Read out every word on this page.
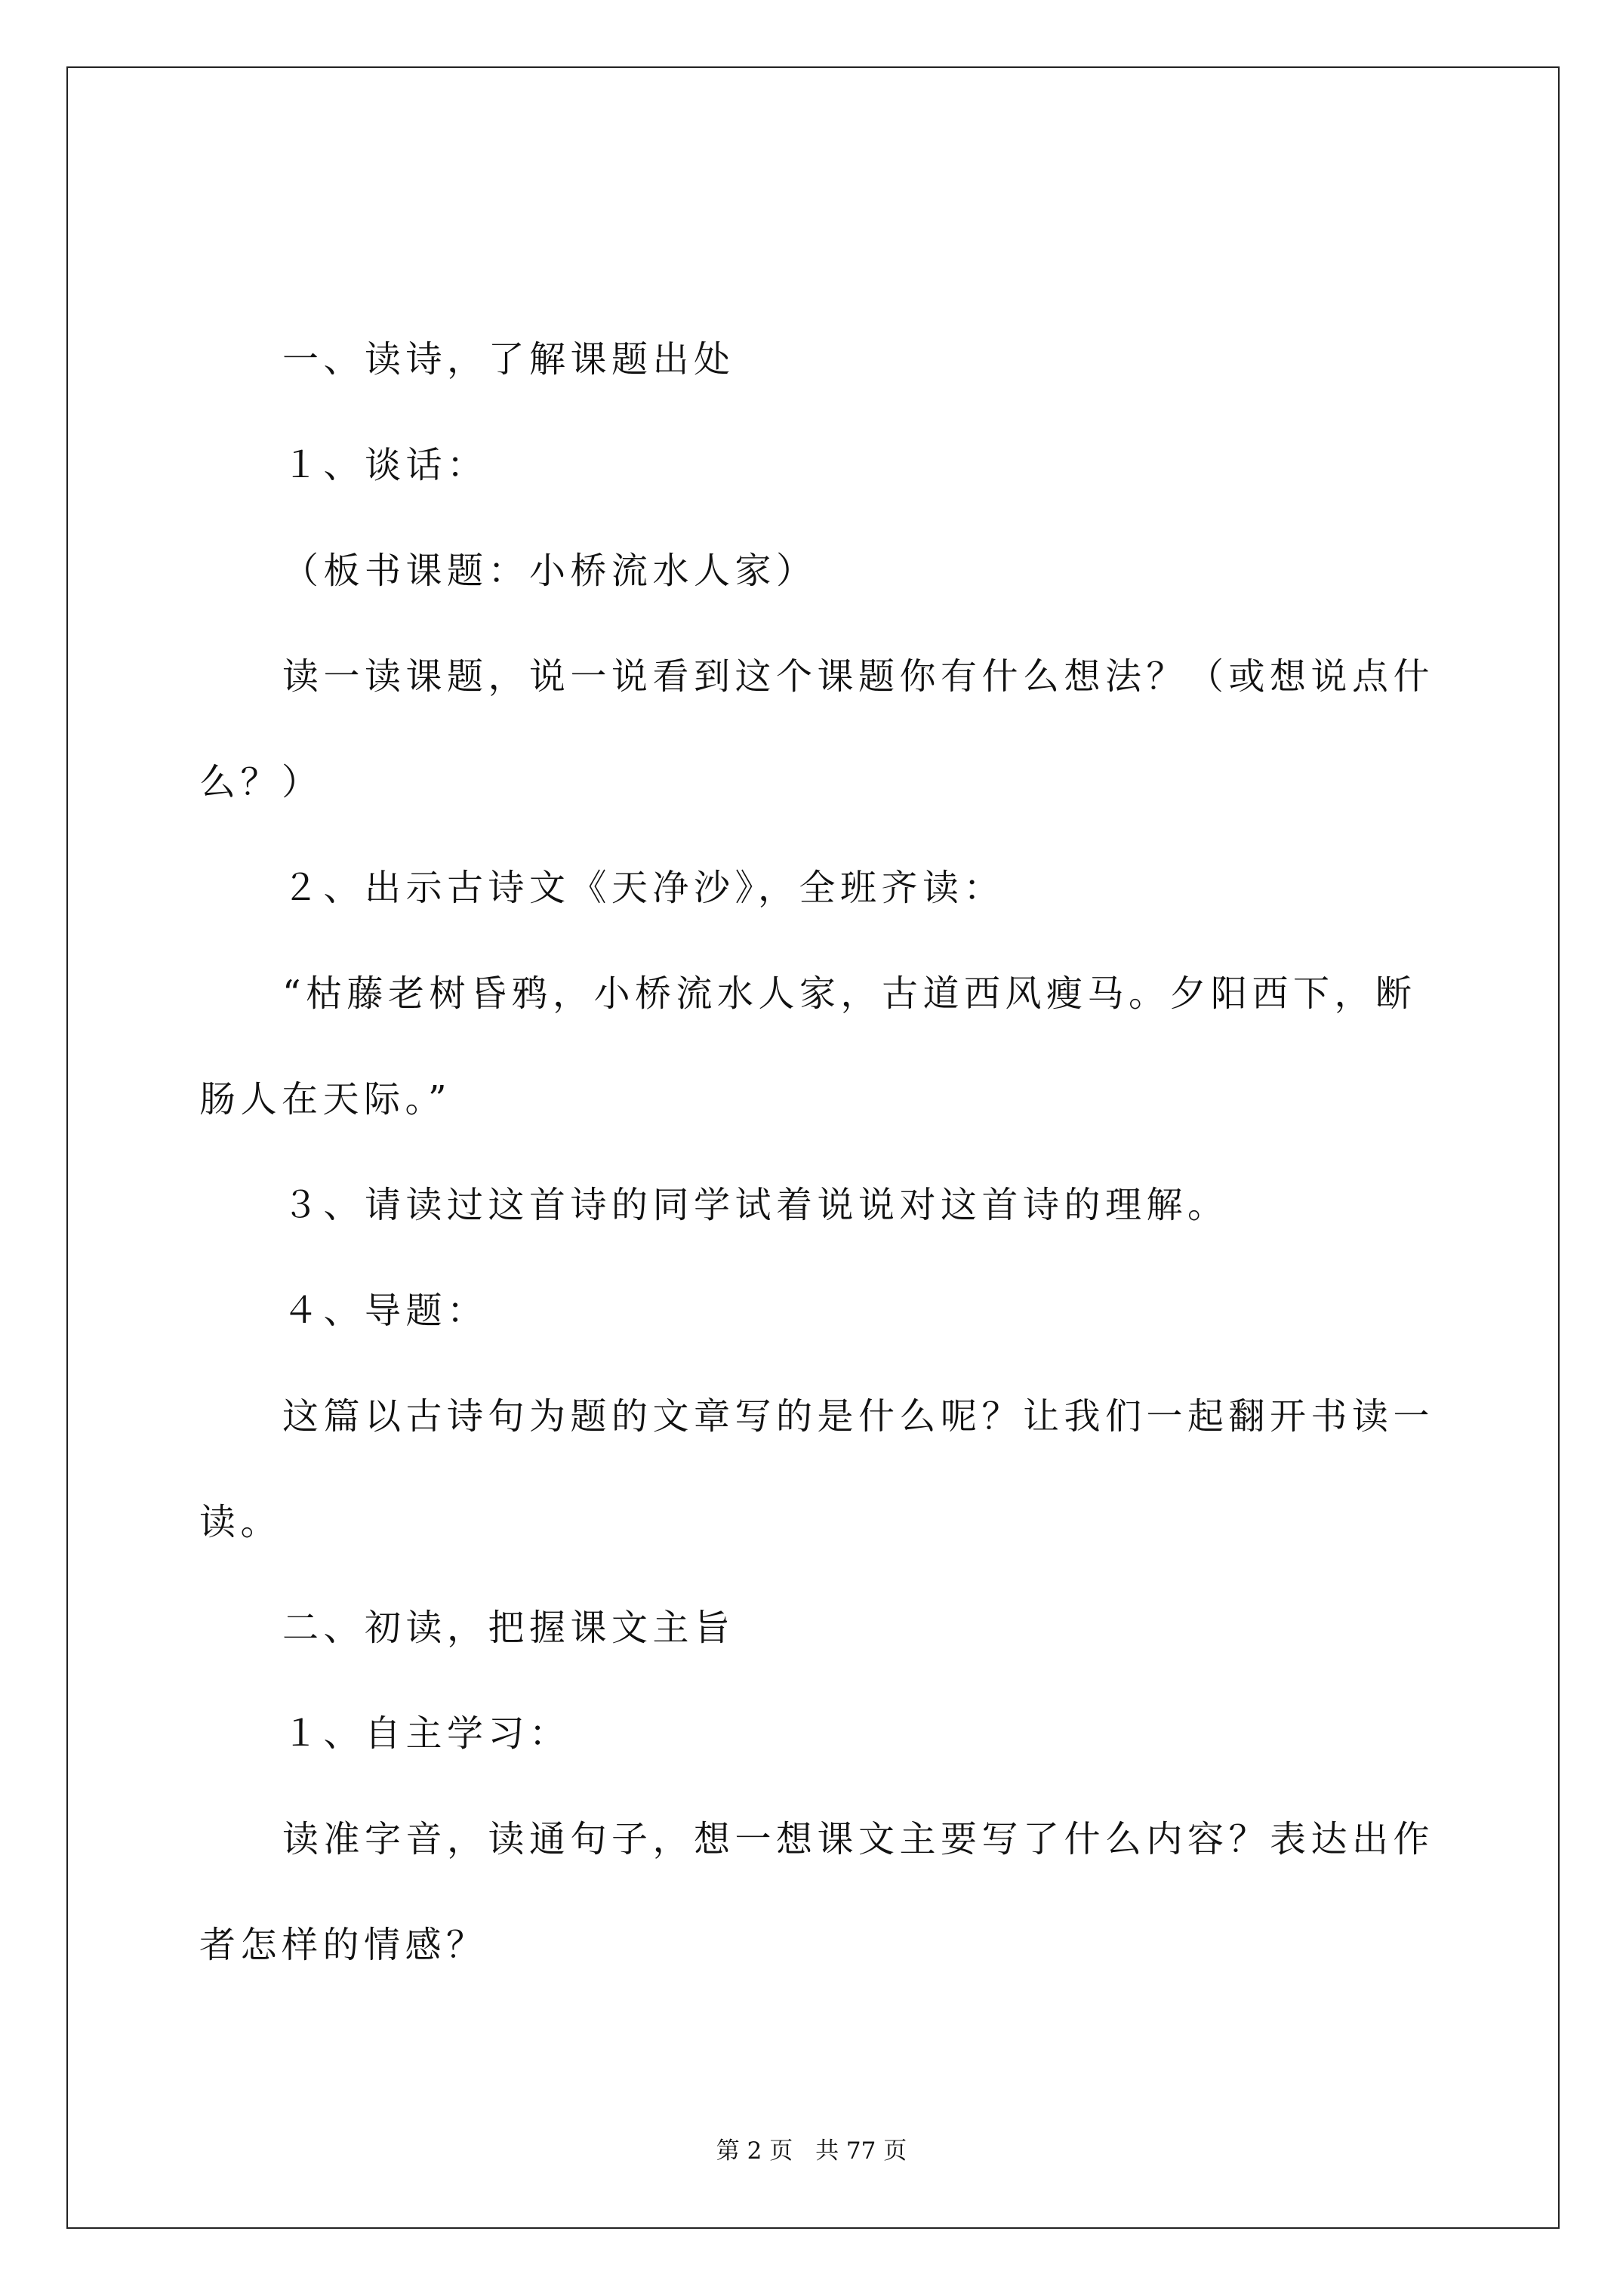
一、读诗，了解课题出处

１、谈话：

（板书课题：小桥流水人家）

读一读课题，说一说看到这个课题你有什么想法？（或想说点什

么？）

２、出示古诗文《天净沙》，全班齐读：

“枯藤老树昏鸦，小桥流水人家，古道西风瘦马。夕阳西下，断

肠人在天际。”

３、请读过这首诗的同学试着说说对这首诗的理解。

４、导题：

这篇以古诗句为题的文章写的是什么呢？让我们一起翻开书读一

读。

二、初读，把握课文主旨

１、自主学习：

读准字音，读通句子，想一想课文主要写了什么内容？表达出作

者怎样的情感？

第 2 页 共 77 页
